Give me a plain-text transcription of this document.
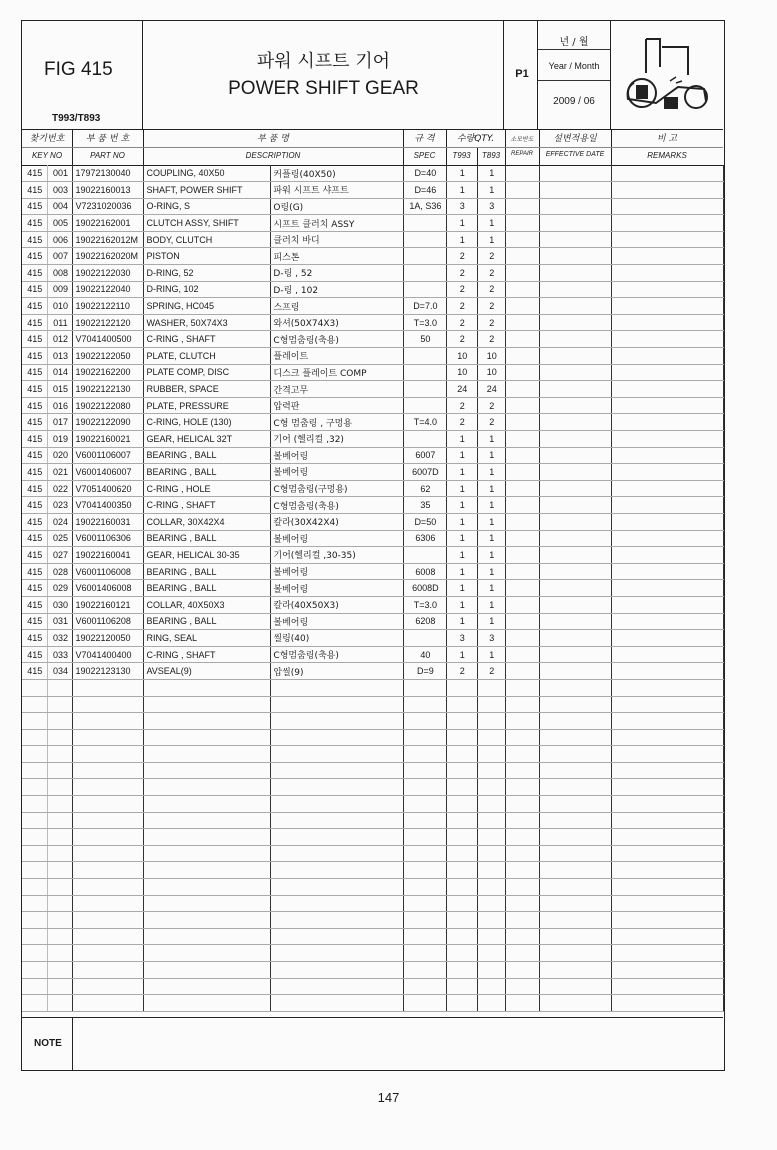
FIG 415
T993/T893
파워 시프트 기어
POWER SHIFT GEAR
P1
년 / 월
Year / Month
2009 / 06
찾기번호
KEY NO
부 품 번 호
PART NO
부 품 명
DESCRIPTION
규 격
SPEC
수량QTY.
T993	T893
소모반도
REPAIR
설변적용일
EFFECTIVE DATE
비 고
REMARKS
415	001	17972130040	COUPLING, 40X50	커플링(40X50)	D=40	1	1			
415	003	19022160013	SHAFT, POWER SHIFT	파워 시프트 샤프트	D=46	1	1			
415	004	V7231020036	O-RING, S	O링(G)	1A, S36	3	3			
415	005	19022162001	CLUTCH ASSY, SHIFT	시프트 클러치 ASSY		1	1			
415	006	19022162012M	BODY, CLUTCH	클러치 바디		1	1			
415	007	19022162020M	PISTON	피스톤		2	2			
415	008	19022122030	D-RING, 52	D-링 , 52		2	2			
415	009	19022122040	D-RING, 102	D-링 , 102		2	2			
415	010	19022122110	SPRING, HC045	스프링	D=7.0	2	2			
415	011	19022122120	WASHER, 50X74X3	와셔(50X74X3)	T=3.0	2	2			
415	012	V7041400500	C-RING , SHAFT	C형멈춤링(축용)	50	2	2			
415	013	19022122050	PLATE, CLUTCH	플레이트		10	10			
415	014	19022162200	PLATE COMP, DISC	디스크 플레이트 COMP		10	10			
415	015	19022122130	RUBBER, SPACE	간격고무		24	24			
415	016	19022122080	PLATE, PRESSURE	압력판		2	2			
415	017	19022122090	C-RING, HOLE (130)	C형 멈춤링 , 구멍용	T=4.0	2	2			
415	019	19022160021	GEAR, HELICAL 32T	기어 (헬리컬 ,32)		1	1			
415	020	V6001106007	BEARING , BALL	볼베어링	6007	1	1			
415	021	V6001406007	BEARING , BALL	볼베어링	6007D	1	1			
415	022	V7051400620	C-RING , HOLE	C형멈춤링(구멍용)	62	1	1			
415	023	V7041400350	C-RING , SHAFT	C형멈춤링(축용)	35	1	1			
415	024	19022160031	COLLAR, 30X42X4	칼라(30X42X4)	D=50	1	1			
415	025	V6001106306	BEARING , BALL	볼베어링	6306	1	1			
415	027	19022160041	GEAR, HELICAL 30-35	기어(헬리컬 ,30-35)		1	1			
415	028	V6001106008	BEARING , BALL	볼베어링	6008	1	1			
415	029	V6001406008	BEARING , BALL	볼베어링	6008D	1	1			
415	030	19022160121	COLLAR, 40X50X3	칼라(40X50X3)	T=3.0	1	1			
415	031	V6001106208	BEARING , BALL	볼베어링	6208	1	1			
415	032	19022120050	RING, SEAL	씰링(40)		3	3			
415	033	V7041400400	C-RING , SHAFT	C형멈춤링(축용)	40	1	1			
415	034	19022123130	AVSEAL(9)	압씰(9)	D=9	2	2			

NOTE
147
